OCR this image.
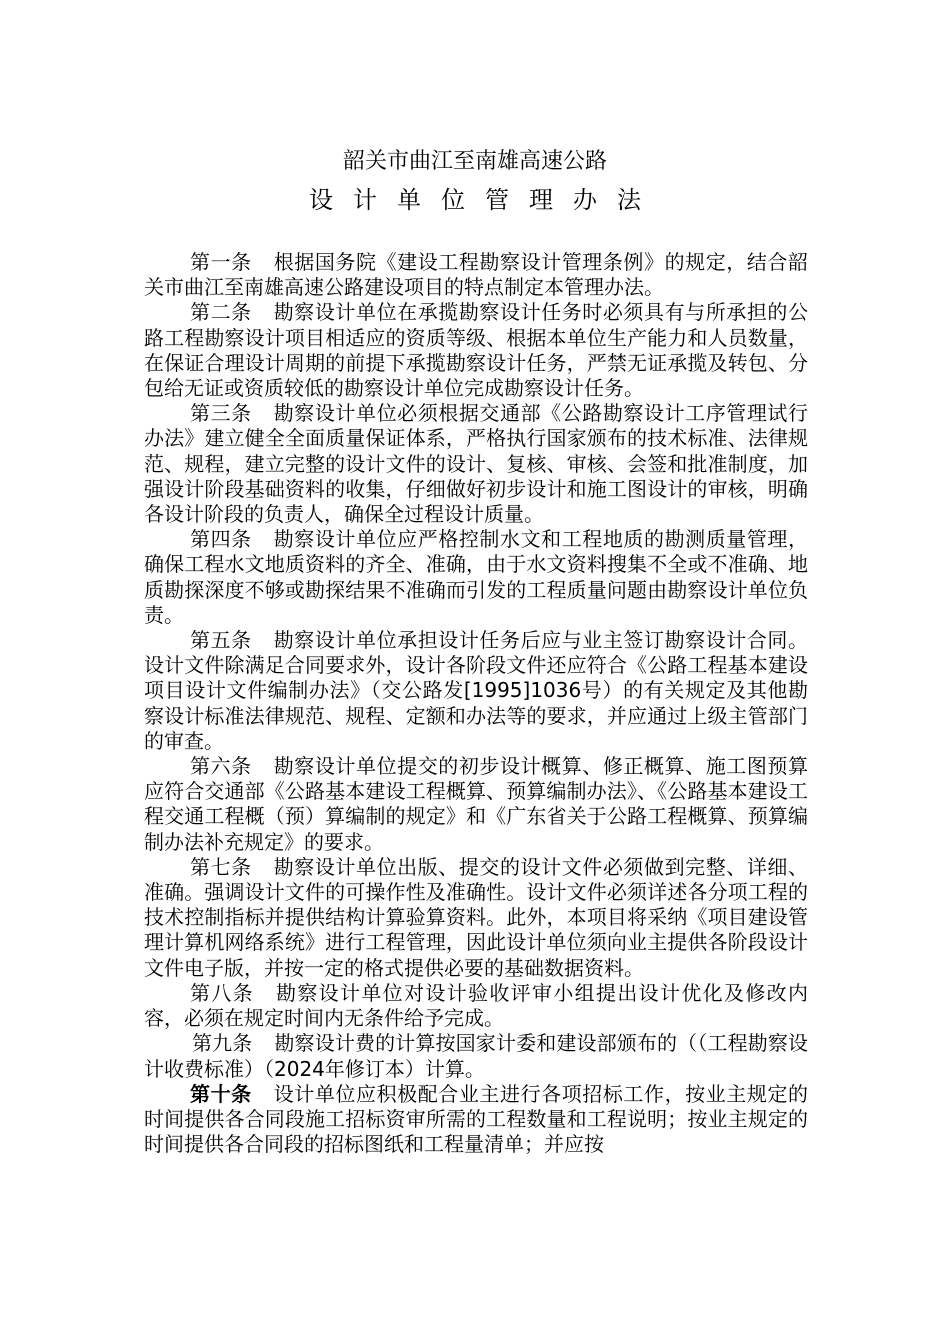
韶关市曲江至南雄高速公路
设计单位管理办法

第一条 根据国务院《建设工程勘察设计管理条例》的规定，结合韶关市曲江至南雄高速公路建设项目的特点制定本管理办法。

第二条 勘察设计单位在承揽勘察设计任务时必须具有与所承担的公路工程勘察设计项目相适应的资质等级、根据本单位生产能力和人员数量，在保证合理设计周期的前提下承揽勘察设计任务，严禁无证承揽及转包、分包给无证或资质较低的勘察设计单位完成勘察设计任务。

第三条 勘察设计单位必须根据交通部《公路勘察设计工序管理试行办法》建立健全全面质量保证体系，严格执行国家颁布的技术标准、法律规范、规程，建立完整的设计文件的设计、复核、审核、会签和批准制度，加强设计阶段基础资料的收集，仔细做好初步设计和施工图设计的审核，明确各设计阶段的负责人，确保全过程设计质量。

第四条 勘察设计单位应严格控制水文和工程地质的勘测质量管理，确保工程水文地质资料的齐全、准确，由于水文资料搜集不全或不准确、地质勘探深度不够或勘探结果不准确而引发的工程质量问题由勘察设计单位负责。

第五条 勘察设计单位承担设计任务后应与业主签订勘察设计合同。设计文件除满足合同要求外，设计各阶段文件还应符合《公路工程基本建设项目设计文件编制办法》（交公路发[1995]1036号）的有关规定及其他勘察设计标准法律规范、规程、定额和办法等的要求，并应通过上级主管部门的审查。

第六条 勘察设计单位提交的初步设计概算、修正概算、施工图预算应符合交通部《公路基本建设工程概算、预算编制办法》、《公路基本建设工程交通工程概（预）算编制的规定》和《广东省关于公路工程概算、预算编制办法补充规定》的要求。

第七条 勘察设计单位出版、提交的设计文件必须做到完整、详细、准确。强调设计文件的可操作性及准确性。设计文件必须详述各分项工程的技术控制指标并提供结构计算验算资料。此外，本项目将采纳《项目建设管理计算机网络系统》进行工程管理，因此设计单位须向业主提供各阶段设计文件电子版，并按一定的格式提供必要的基础数据资料。

第八条 勘察设计单位对设计验收评审小组提出设计优化及修改内容，必须在规定时间内无条件给予完成。

第九条 勘察设计费的计算按国家计委和建设部颁布的（（工程勘察设计收费标准）（2024年修订本）计算。

第十条 设计单位应积极配合业主进行各项招标工作，按业主规定的时间提供各合同段施工招标资审所需的工程数量和工程说明；按业主规定的时间提供各合同段的招标图纸和工程量清单；并应按
